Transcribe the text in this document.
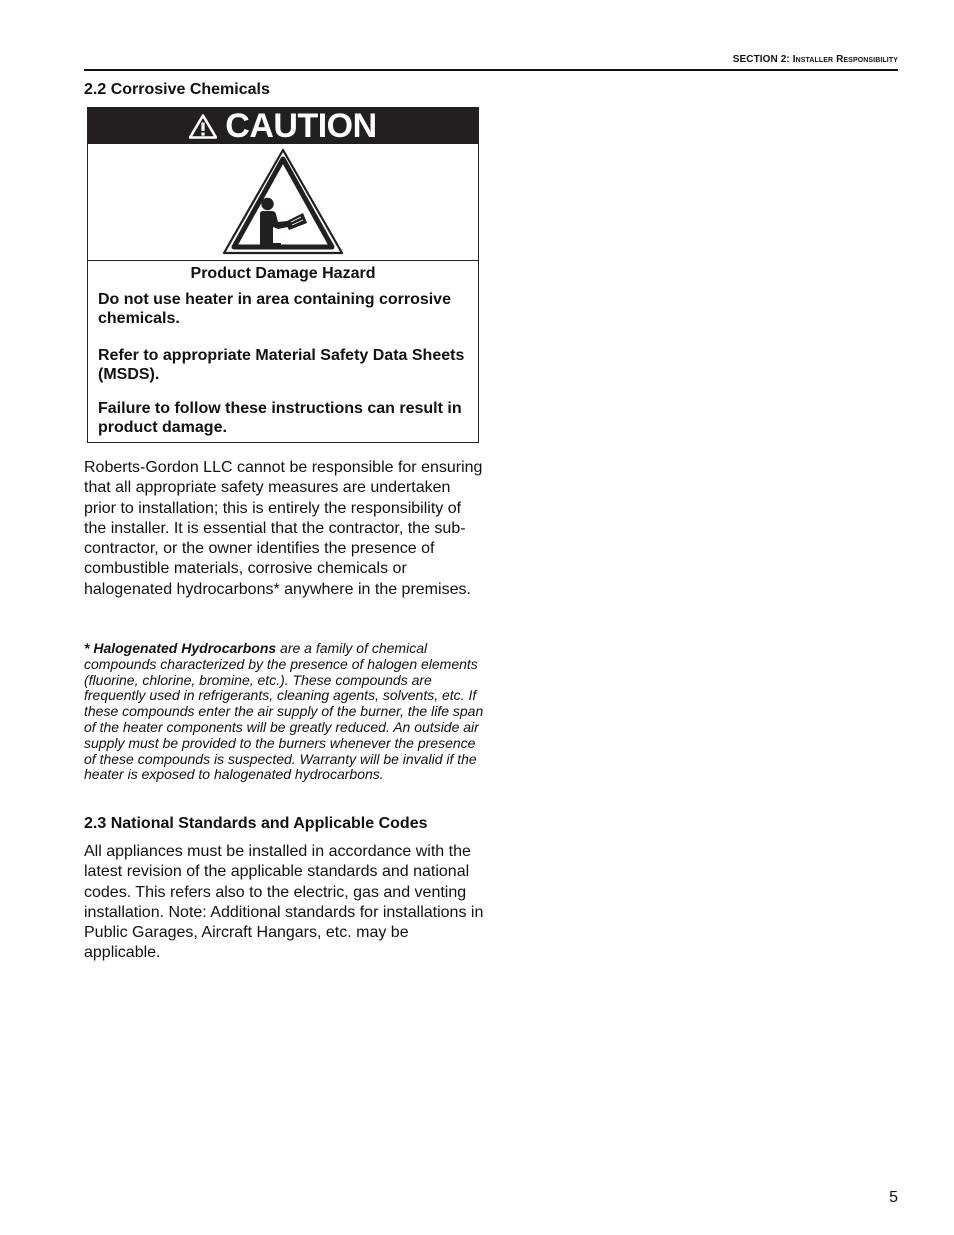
SECTION 2: Installer Responsibility
2.2 Corrosive Chemicals
CAUTION

Product Damage Hazard

Do not use heater in area containing corrosive chemicals.

Refer to appropriate Material Safety Data Sheets (MSDS).

Failure to follow these instructions can result in product damage.

Roberts-Gordon LLC cannot be responsible for ensuring that all appropriate safety measures are undertaken prior to installation; this is entirely the responsibility of the installer. It is essential that the contractor, the sub-contractor, or the owner identifies the presence of combustible materials, corrosive chemicals or halogenated hydrocarbons* anywhere in the premises.

* Halogenated Hydrocarbons are a family of chemical compounds characterized by the presence of halogen elements (fluorine, chlorine, bromine, etc.). These compounds are frequently used in refrigerants, cleaning agents, solvents, etc. If these compounds enter the air supply of the burner, the life span of the heater components will be greatly reduced. An outside air supply must be provided to the burners whenever the presence of these compounds is suspected. Warranty will be invalid if the heater is exposed to halogenated hydrocarbons.

2.3 National Standards and Applicable Codes

All appliances must be installed in accordance with the latest revision of the applicable standards and national codes. This refers also to the electric, gas and venting installation. Note: Additional standards for installations in Public Garages, Aircraft Hangars, etc. may be applicable.

5
